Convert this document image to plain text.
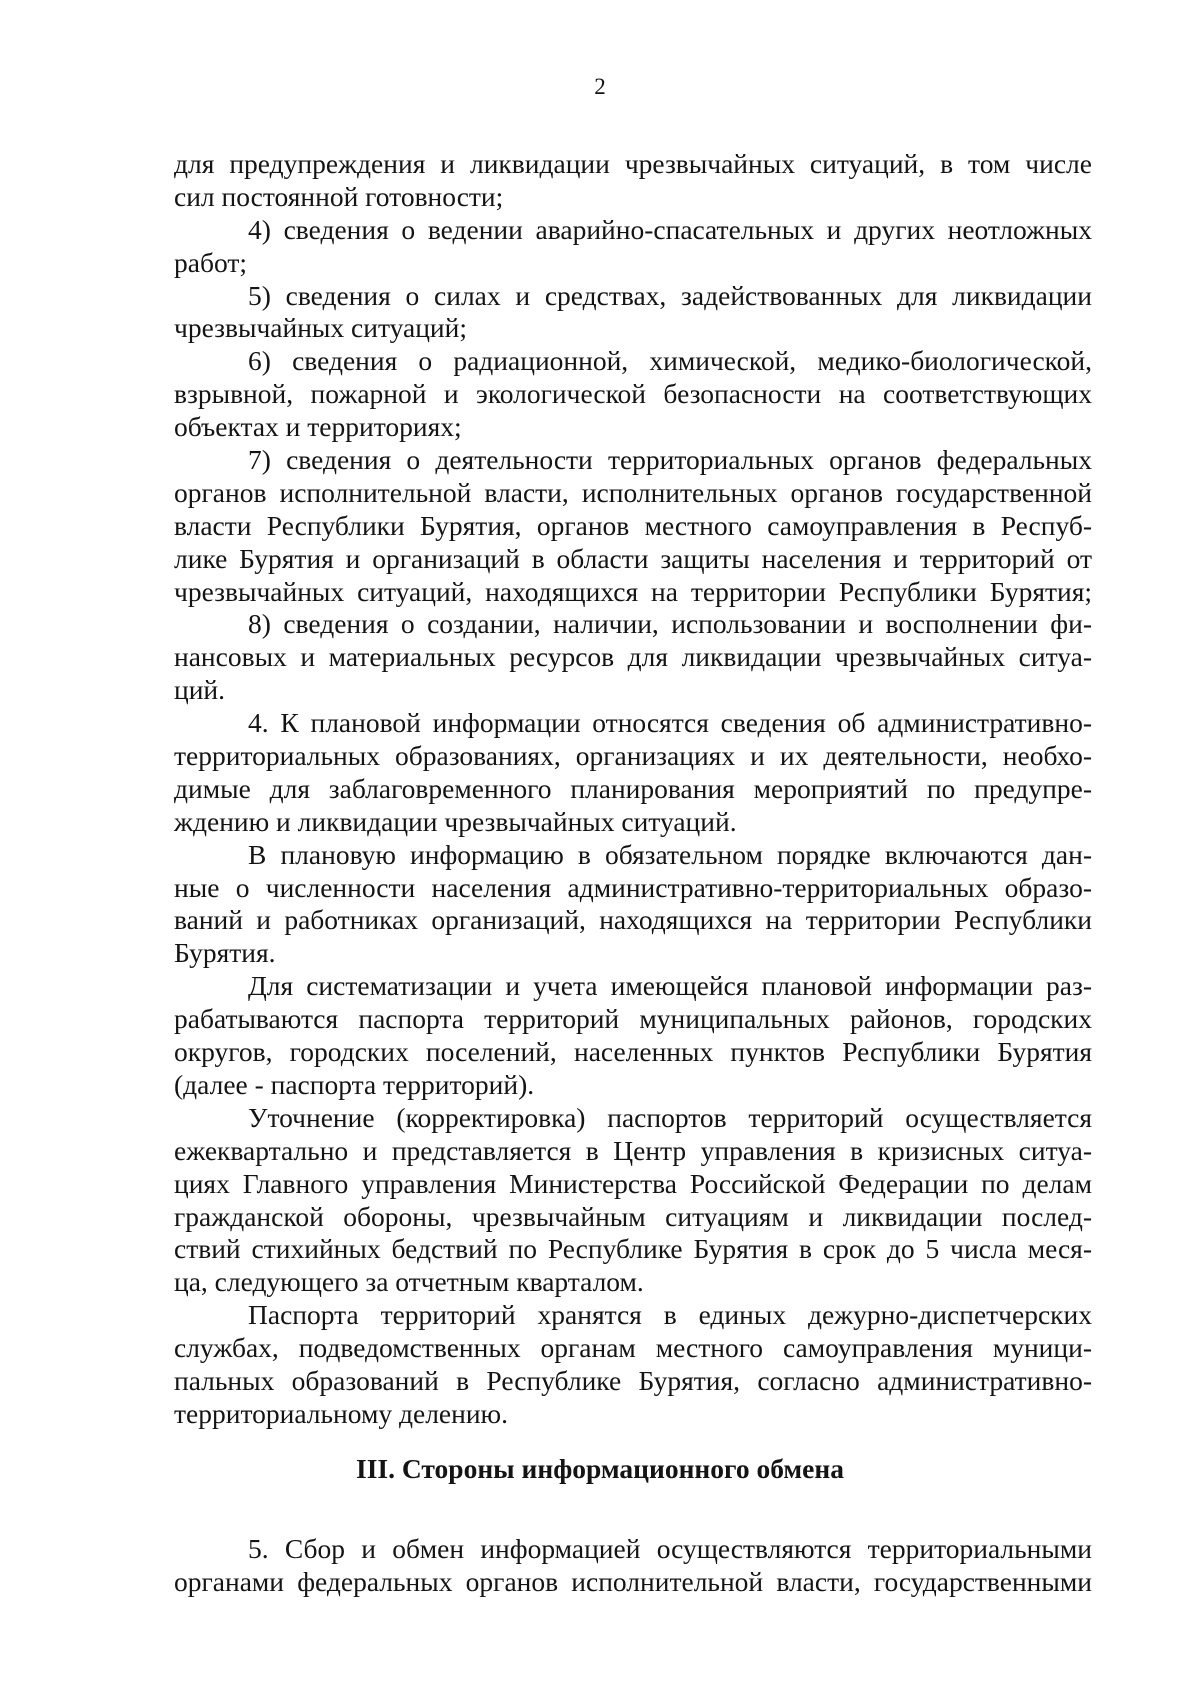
2
для предупреждения и ликвидации чрезвычайных ситуаций, в том числе
сил постоянной готовности;
4) сведения о ведении аварийно-спасательных и других неотложных
работ;
5) сведения о силах и средствах, задействованных для ликвидации
чрезвычайных ситуаций;
6) сведения о радиационной, химической, медико-биологической,
взрывной, пожарной и экологической безопасности на соответствующих
объектах и территориях;
7) сведения о деятельности территориальных органов федеральных
органов исполнительной власти, исполнительных органов государственной
власти Республики Бурятия, органов местного самоуправления в Респуб-
лике Бурятия и организаций в области защиты населения и территорий от
чрезвычайных ситуаций, находящихся на территории Республики Бурятия;
8) сведения о создании, наличии, использовании и восполнении фи-
нансовых и материальных ресурсов для ликвидации чрезвычайных ситуа-
ций.
4. К плановой информации относятся сведения об административно-
территориальных образованиях, организациях и их деятельности, необхо-
димые для заблаговременного планирования мероприятий по предупре-
ждению и ликвидации чрезвычайных ситуаций.
В плановую информацию в обязательном порядке включаются дан-
ные о численности населения административно-территориальных образо-
ваний и работниках организаций, находящихся на территории Республики
Бурятия.
Для систематизации и учета имеющейся плановой информации раз-
рабатываются паспорта территорий муниципальных районов, городских
округов, городских поселений, населенных пунктов Республики Бурятия
(далее - паспорта территорий).
Уточнение (корректировка) паспортов территорий осуществляется
ежеквартально и представляется в Центр управления в кризисных ситуа-
циях Главного управления Министерства Российской Федерации по делам
гражданской обороны, чрезвычайным ситуациям и ликвидации послед-
ствий стихийных бедствий по Республике Бурятия в срок до 5 числа меся-
ца, следующего за отчетным кварталом.
Паспорта территорий хранятся в единых дежурно-диспетчерских
службах, подведомственных органам местного самоуправления муници-
пальных образований в Республике Бурятия, согласно административно-
территориальному делению.
III. Стороны информационного обмена
5. Сбор и обмен информацией осуществляются территориальными
органами федеральных органов исполнительной власти, государственными
